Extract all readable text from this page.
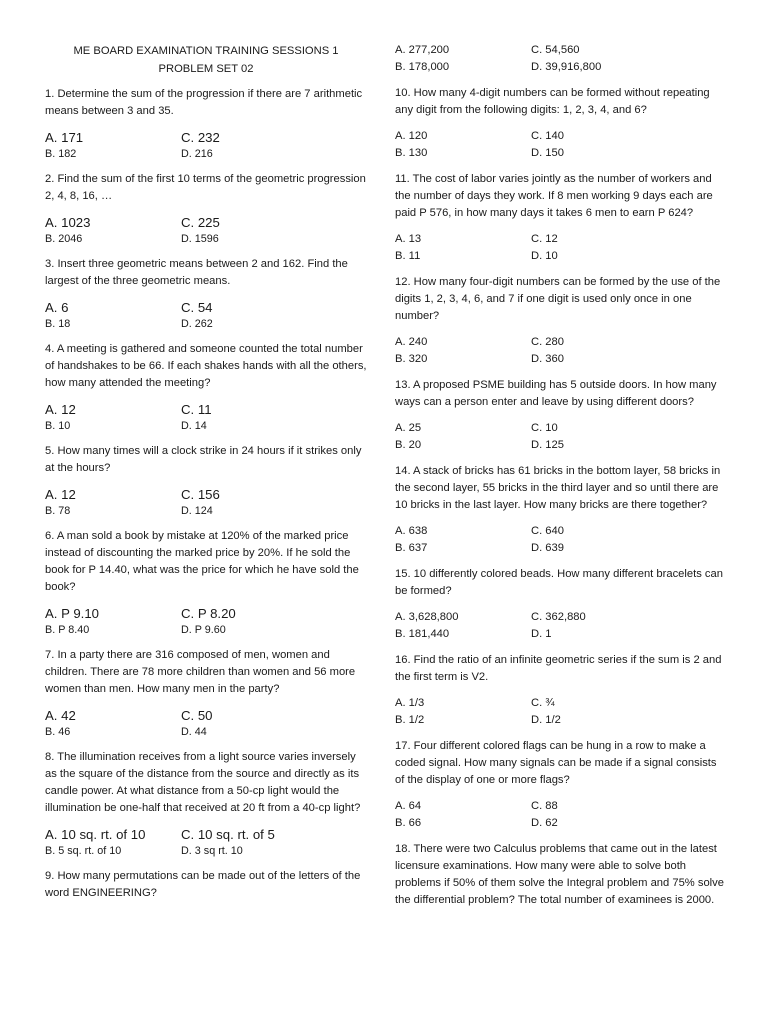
ME BOARD EXAMINATION TRAINING SESSIONS 1
PROBLEM SET 02
1. Determine the sum of the progression if there are 7 arithmetic means between 3 and 35.
A. 171	C. 232
B. 182	D. 216
2. Find the sum of the first 10 terms of the geometric progression 2, 4, 8, 16, …
A. 1023	C. 225
B. 2046	D. 1596
3. Insert three geometric means between 2 and 162. Find the largest of the three geometric means.
A. 6	C. 54
B. 18	D. 262
4. A meeting is gathered and someone counted the total number of handshakes to be 66. If each shakes hands with all the others, how many attended the meeting?
A. 12	C. 11
B. 10	D. 14
5. How many times will a clock strike in 24 hours if it strikes only at the hours?
A. 12	C. 156
B. 78	D. 124
6. A man sold a book by mistake at 120% of the marked price instead of discounting the marked price by 20%. If he sold the book for P 14.40, what was the price for which he have sold the book?
A. P 9.10	C. P 8.20
B. P 8.40	D. P 9.60
7. In a party there are 316 composed of men, women and children. There are 78 more children than women and 56 more women than men. How many men in the party?
A. 42	C. 50
B. 46	D. 44
8. The illumination receives from a light source varies inversely as the square of the distance from the source and directly as its candle power. At what distance from a 50-cp light would the illumination be one-half that received at 20 ft from a 40-cp light?
A. 10 sq. rt. of 10	C. 10 sq. rt. of 5
B. 5 sq. rt. of 10	D. 3 sq rt. 10
9. How many permutations can be made out of the letters of the word ENGINEERING?
A. 277,200	C. 54,560
B. 178,000	D. 39,916,800
10. How many 4-digit numbers can be formed without repeating any digit from the following digits: 1, 2, 3, 4, and 6?
A. 120	C. 140
B. 130	D. 150
11. The cost of labor varies jointly as the number of workers and the number of days they work. If 8 men working 9 days each are paid P 576, in how many days it takes 6 men to earn P 624?
A. 13	C. 12
B. 11	D. 10
12. How many four-digit numbers can be formed by the use of the digits 1, 2, 3, 4, 6, and 7 if one digit is used only once in one number?
A. 240	C. 280
B. 320	D. 360
13. A proposed PSME building has 5 outside doors. In how many ways can a person enter and leave by using different doors?
A. 25	C. 10
B. 20	D. 125
14. A stack of bricks has 61 bricks in the bottom layer, 58 bricks in the second layer, 55 bricks in the third layer and so until there are 10 bricks in the last layer. How many bricks are there together?
A. 638	C. 640
B. 637	D. 639
15. 10 differently colored beads. How many different bracelets can be formed?
A. 3,628,800	C. 362,880
B. 181,440	D. 1
16. Find the ratio of an infinite geometric series if the sum is 2 and the first term is V2.
A. 1/3	C. ¾
B. 1/2	D. 1/2
17. Four different colored flags can be hung in a row to make a coded signal. How many signals can be made if a signal consists of the display of one or more flags?
A. 64	C. 88
B. 66	D. 62
18. There were two Calculus problems that came out in the latest licensure examinations. How many were able to solve both problems if 50% of them solve the Integral problem and 75% solve the differential problem? The total number of examinees is 2000.
